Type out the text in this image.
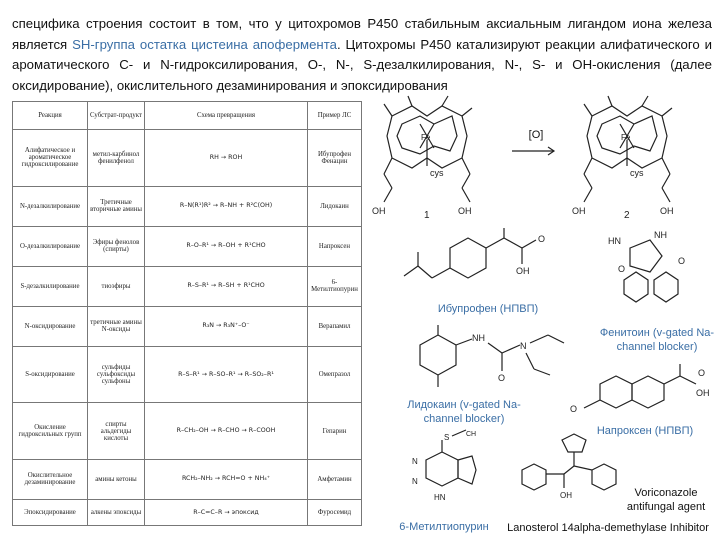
специфика строения состоит в том, что у цитохромов Р450 стабильным аксиальным лигандом иона железа является SH-группа остатка цистеина апофермента. Цитохромы Р450 катализируют реакции алифатического и ароматического C- и N-гидроксилирования, O-, N-, S-дезалкилирования, N-, S- и ОН-окисления (далее оксидирование), окислительного дезаминирования и эпоксидирования
Реакция	Субстрат-продукт	Схема превращения	Пример ЛС
Алифатическое и ароматическое гидроксилирование	метил-карбинол фенилфенол	RH → ROH	Ибупрофен Фенацин
N-дезалкилирование	Третичные вторичные амины	R–N(R¹)R² → R–NH + R²C(OH)	Лидокаин
O-дезалкилирование	Эфиры фенолов (спирты)	R–O–R¹ → R–OH + R¹CHO	Напроксен
S-дезалкилирование	тиоэфиры	R–S–R¹ → R–SH + R¹CHO	6-Метилтиопурин
N-оксидирование	третичные амины N-оксиды	R₃N → R₃N⁺–O⁻	Верапамил
S-оксидирование	сульфиды сульфоксиды сульфоны	R–S–R¹ → R–SO–R¹ → R–SO₂–R¹	Омепразол
Окисление гидроксильных групп	спирты альдегиды кислоты	R–CH₂–OH → R–CHO → R–COOH	Гепарин
Окислительное дезаминирование	амины кетоны	RCH₂–NH₂ → RCH=O + NH₄⁺	Амфетамин
Эпоксидирование	алкены эпоксиды	R–C=C–R → эпоксид	Фуросемид
Fe
cys
OH	OH
1
[O]	Fe
cys
OH	OH
2
O
OH
Ибупрофен (НПВП)
HN
NH
O
O
Фенитоин (v-gated Na-channel blocker)
NH
O
N
Лидокаин (v-gated Na-channel blocker)
O
O
OH
Напроксен (НПВП)
S CH
N
N
HN
6-Метилтиопурин
OH	Voriconazole antifungal agent
Lanosterol 14alpha-demethylase Inhibitor
